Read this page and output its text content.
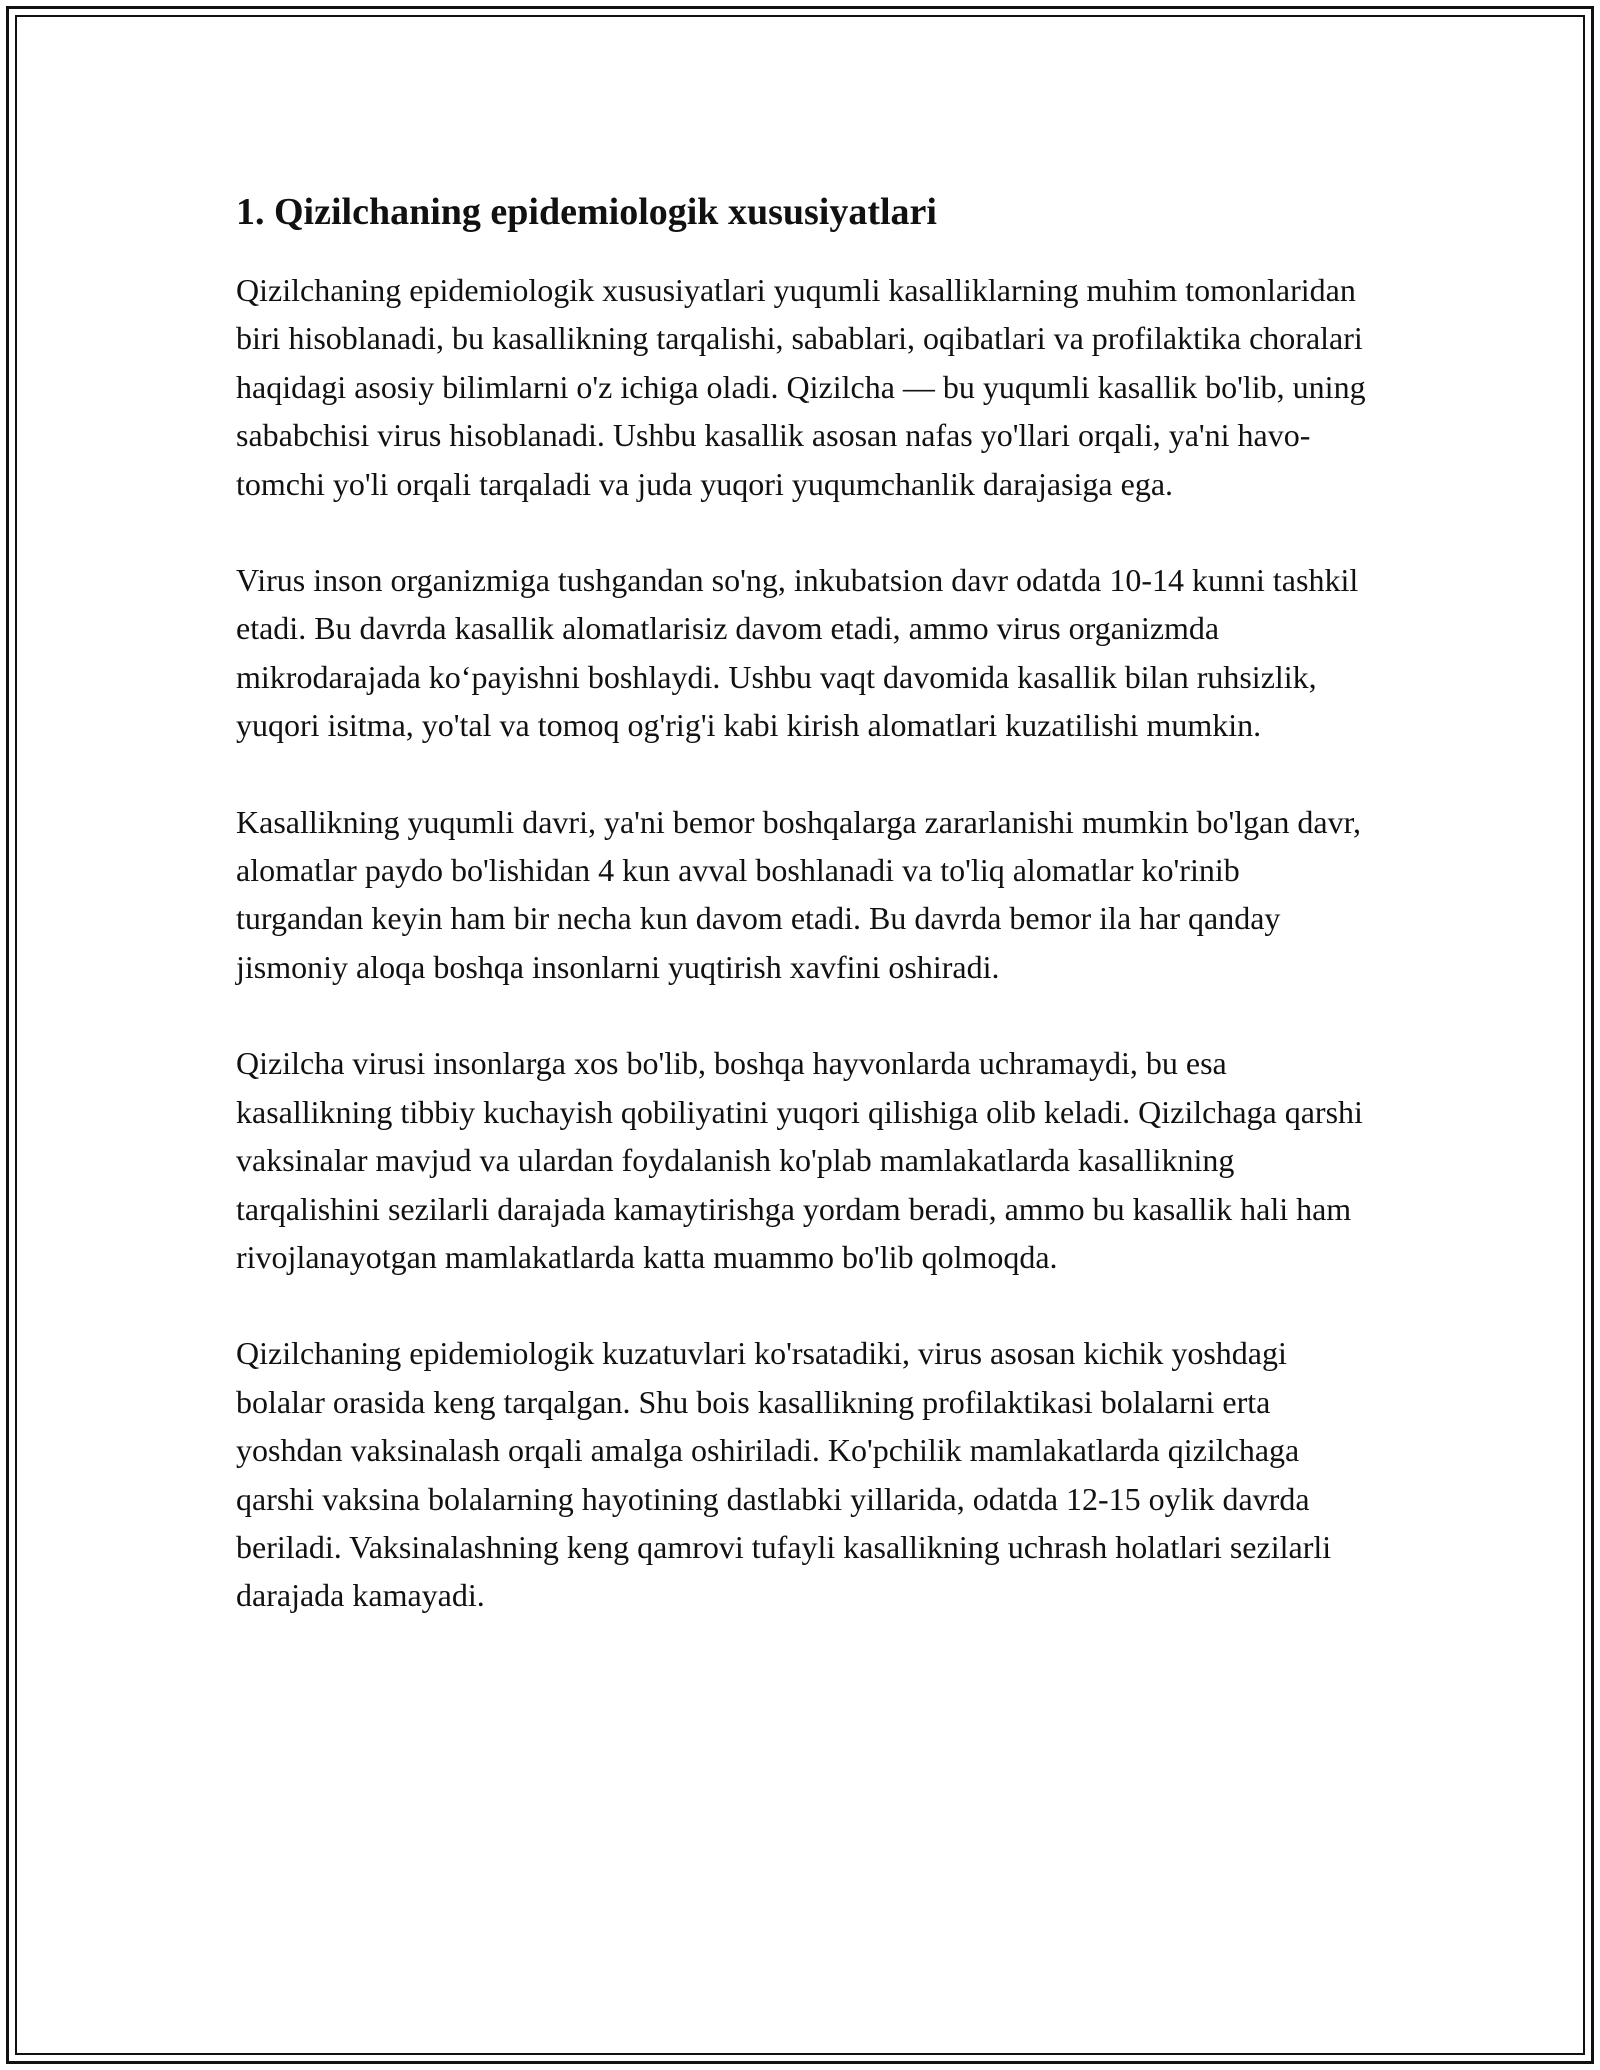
1. Qizilchaning epidemiologik xususiyatlari

Qizilchaning epidemiologik xususiyatlari yuqumli kasalliklarning muhim tomonlaridan biri hisoblanadi, bu kasallikning tarqalishi, sabablari, oqibatlari va profilaktika choralari haqidagi asosiy bilimlarni o'z ichiga oladi. Qizilcha — bu yuqumli kasallik bo'lib, uning sababchisi virus hisoblanadi. Ushbu kasallik asosan nafas yo'llari orqali, ya'ni havo-tomchi yo'li orqali tarqaladi va juda yuqori yuqumchanlik darajasiga ega.

Virus inson organizmiga tushgandan so'ng, inkubatsion davr odatda 10-14 kunni tashkil etadi. Bu davrda kasallik alomatlarisiz davom etadi, ammo virus organizmda mikrodarajada koʻpayishni boshlaydi. Ushbu vaqt davomida kasallik bilan ruhsizlik, yuqori isitma, yo'tal va tomoq og'rig'i kabi kirish alomatlari kuzatilishi mumkin.

Kasallikning yuqumli davri, ya'ni bemor boshqalarga zararlanishi mumkin bo'lgan davr, alomatlar paydo bo'lishidan 4 kun avval boshlanadi va to'liq alomatlar ko'rinib turgandan keyin ham bir necha kun davom etadi. Bu davrda bemor ila har qanday jismoniy aloqa boshqa insonlarni yuqtirish xavfini oshiradi.

Qizilcha virusi insonlarga xos bo'lib, boshqa hayvonlarda uchramaydi, bu esa kasallikning tibbiy kuchayish qobiliyatini yuqori qilishiga olib keladi. Qizilchaga qarshi vaksinalar mavjud va ulardan foydalanish ko'plab mamlakatlarda kasallikning tarqalishini sezilarli darajada kamaytirishga yordam beradi, ammo bu kasallik hali ham rivojlanayotgan mamlakatlarda katta muammo bo'lib qolmoqda.

Qizilchaning epidemiologik kuzatuvlari ko'rsatadiki, virus asosan kichik yoshdagi bolalar orasida keng tarqalgan. Shu bois kasallikning profilaktikasi bolalarni erta yoshdan vaksinalash orqali amalga oshiriladi. Ko'pchilik mamlakatlarda qizilchaga qarshi vaksina bolalarning hayotining dastlabki yillarida, odatda 12-15 oylik davrda beriladi. Vaksinalashning keng qamrovi tufayli kasallikning uchrash holatlari sezilarli darajada kamayadi.
